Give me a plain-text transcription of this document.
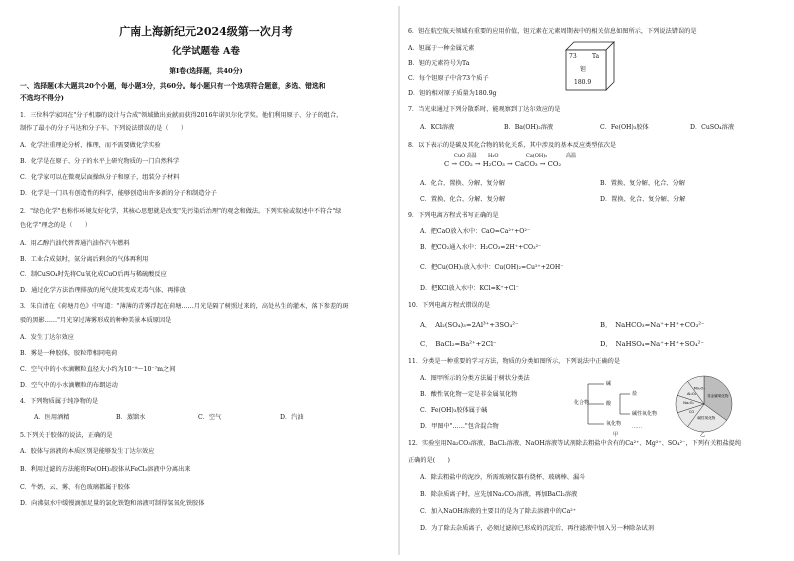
广南上海新纪元2024级第一次月考
化学试题卷 A卷
第Ⅰ卷(选择题，共40分)
一、选择题(本大题共20个小题，每小题3分，共60分。每小题只有一个选项符合题意，多选、错选和
不选均不得分)
1．三位科学家因在"分子机器的设计与合成"领域做出贡献而获得2016年诺贝尔化学奖。他们利用原子、分子的组合，
制作了最小的分子马达和分子车。下列说法错误的是（　　）
A．化学注重理论分析、推理，而不需要做化学实验
B．化学是在原子、分子的水平上研究物质的一门自然科学
C．化学家可以在微观层面操纵分子和原子，组装分子材料
D．化学是一门具有创造性的科学，能够创造出许多新的分子和制造分子
2．"绿色化学"也称作环境友好化学，其核心思想就是改变"先污染后治理"的观念和做法。下列实验或叙述中不符合"绿
色化学"理念的是（　　）
A．用乙醇汽油代替普通汽油作汽车燃料
B．工业合成氨时，氨分离后剩余的气体再利用
C．制CuSO₄时先将Cu氧化成CuO后再与稀硫酸反应
D．通过化学方法治理排放的尾气使其变成无毒气体，再排放
3．朱自清在《荷塘月色》中写道："薄薄的青雾浮起在荷塘……月光是隔了树照过来的，高处丛生的灌木，落下参差的斑
驳的黑影……"月光穿过薄雾形成的种种美景本质原因是
A．发生丁达尔效应
B．雾是一种胶体，胶粒带相同电荷
C．空气中的小水滴颗粒直径大小约为10⁻⁹～10⁻⁷m之间
D．空气中的小水滴颗粒的布朗运动
4．下列物质属于纯净物的是
A．医用酒精	B．蒸馏水	C．空气	D．汽油
5.下列关于胶体的说法，正确的是
A．胶体与溶液的本质区别是能够发生丁达尔效应
B．利用过滤的方法能将Fe(OH)₃胶体从FeCl₃溶液中分离出来
C．牛奶、云、雾、有色玻璃都属于胶体
D．向沸氨水中缓慢滴加足量的氯化铁饱和溶液可制得氢氧化铁胶体
6．钽在航空航天领域有重要的应用价值，钽元素在元素周期表中的相关信息如图所示，下列说法错误的是
A．钽属于一种金属元素
B．钽的元素符号为Ta
C．每个钽原子中含73个质子
D．钽的相对原子质量为180.9g
73	Ta
钽
180.9
7．当光束通过下列分散系时，能观察到丁达尔效应的是
A．KCl溶液	B．Ba(OH)₂溶液	C．Fe(OH)₃胶体	D．CuSO₄溶液
8．以下表示的是碳及其化合物的转化关系，其中涉及的基本反应类型依次是
C → CO₂ → H₂CO₃ → CaCO₃ → CO₂
CuO 高温 H₂O	Ca(OH)₂	高温
A．化合、置换、分解、复分解	B．置换、复分解、化合、分解
C．置换、化合、分解、复分解	D．置换、化合、复分解、分解
9．下列电离方程式书写正确的是
A．把CaO放入水中：CaO=Ca²⁺+O²⁻
B．把CO₂通入水中：H₂CO₃=2H⁺+CO₃²⁻
C．把Cu(OH)₂放入水中：Cu(OH)₂=Cu²⁺+2OH⁻
D．把KCl放入水中：KCl=K⁺+Cl⁻
10．下列电离方程式错误的是
A．　Al₂(SO₄)₃=2Al³⁺+3SO₄²⁻	B．　NaHCO₃=Na⁺+H⁺+CO₃²⁻
C．　BaCl₂=Ba²⁺+2Cl⁻	D．　NaHSO₄=Na⁺+H⁺+SO₄²⁻
11．分类是一种重要的学习方法，物质的分类如图所示，下列说法中正确的是
A．图甲所示的分类方法属于树状分类法
B．酸性氧化物一定是非金属氧化物
C．Fe(OH)₃胶体属于碱
D．甲图中"……"包含混合物
化合物
碱
酸
氧化物
盐
碱性氧化物
……
甲
非金属氧化物
碱性氧化物
CO
Na₂O₂
Al₂O₃
Mn₂O₇
乙
12．实验室用Na₂CO₃溶液、BaCl₂溶液、NaOH溶液等试剂除去粗盐中含有的Ca²⁺、Mg²⁺、SO₄²⁻，下列有关粗盐提纯
正确的是(　　)
A．除去粗盐中的泥沙，所需玻璃仪器有烧杯、玻璃棒、漏斗
B．除杂质离子时，应先加Na₂CO₃溶液，再加BaCl₂溶液
C．加入NaOH溶液的主要目的是为了除去溶液中的Ca²⁺
D．为了除去杂质离子，必须过滤掉已形成的沉淀后，再往滤液中加入另一种除杂试剂
